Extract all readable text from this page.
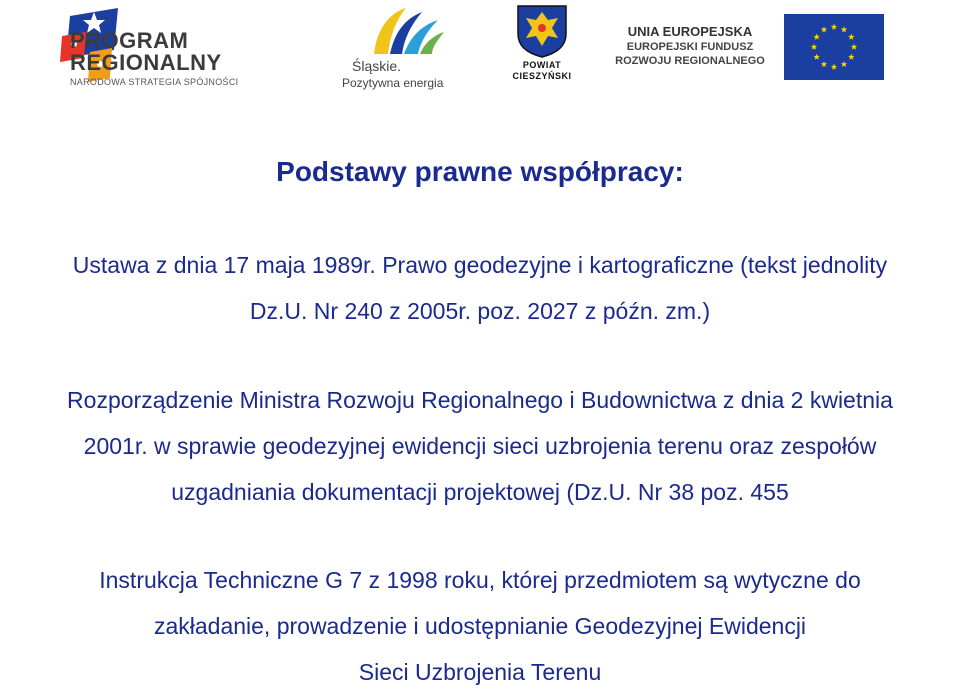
PROGRAM
REGIONALNY
NARODOWA STRATEGIA SPÓJNOŚCI
Śląskie.
Pozytywna energia
POWIAT
CIESZYŃSKI
UNIA EUROPEJSKA
EUROPEJSKI FUNDUSZ
ROZWOJU REGIONALNEGO
Podstawy prawne współpracy:

Ustawa z dnia 17 maja 1989r. Prawo geodezyjne i kartograficzne (tekst jednolity
Dz.U. Nr 240 z 2005r. poz. 2027 z późn. zm.)

Rozporządzenie Ministra Rozwoju Regionalnego i Budownictwa z dnia 2 kwietnia
2001r. w sprawie geodezyjnej ewidencji sieci uzbrojenia terenu oraz zespołów
uzgadniania dokumentacji projektowej (Dz.U. Nr 38 poz. 455

Instrukcja Techniczne G 7 z 1998 roku, której przedmiotem są wytyczne do
zakładanie, prowadzenie i udostępnianie Geodezyjnej Ewidencji
Sieci Uzbrojenia Terenu
